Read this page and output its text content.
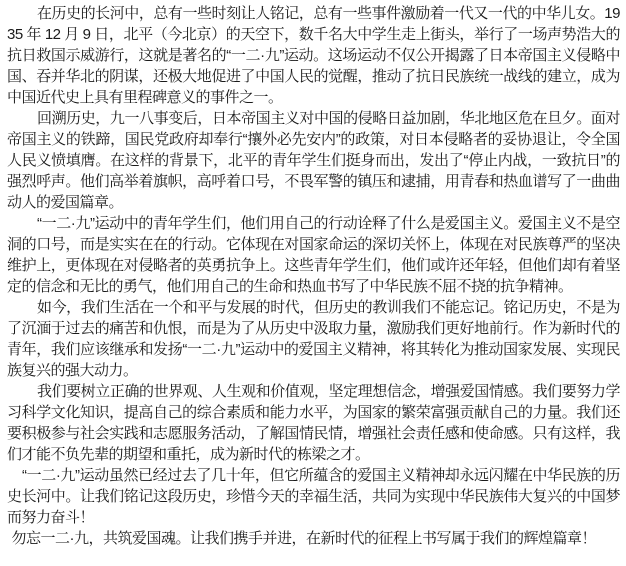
在历史的长河中，总有一些时刻让人铭记，总有一些事件激励着一代又一代的中华儿女。1935 年 12 月 9 日，北平（今北京）的天空下，数千名大中学生走上街头，举行了一场声势浩大的抗日救国示威游行，这就是著名的“一二·九”运动。这场运动不仅公开揭露了日本帝国主义侵略中国、吞并华北的阴谋，还极大地促进了中国人民的觉醒，推动了抗日民族统一战线的建立，成为中国近代史上具有里程碑意义的事件之一。

回溯历史，九一八事变后，日本帝国主义对中国的侵略日益加剧，华北地区危在旦夕。面对帝国主义的铁蹄，国民党政府却奉行“攘外必先安内”的政策，对日本侵略者的妥协退让，令全国人民义愤填膺。在这样的背景下，北平的青年学生们挺身而出，发出了“停止内战，一致抗日”的强烈呼声。他们高举着旗帜，高呼着口号，不畏军警的镇压和逮捕，用青春和热血谱写了一曲曲动人的爱国篇章。

“一二·九”运动中的青年学生们，他们用自己的行动诠释了什么是爱国主义。爱国主义不是空洞的口号，而是实实在在的行动。它体现在对国家命运的深切关怀上，体现在对民族尊严的坚决维护上，更体现在对侵略者的英勇抗争上。这些青年学生们，他们或许还年轻，但他们却有着坚定的信念和无比的勇气，他们用自己的生命和热血书写了中华民族不屈不挠的抗争精神。

如今，我们生活在一个和平与发展的时代，但历史的教训我们不能忘记。铭记历史，不是为了沉湎于过去的痛苦和仇恨，而是为了从历史中汲取力量，激励我们更好地前行。作为新时代的青年，我们应该继承和发扬“一二·九”运动中的爱国主义精神，将其转化为推动国家发展、实现民族复兴的强大动力。

我们要树立正确的世界观、人生观和价值观，坚定理想信念，增强爱国情感。我们要努力学习科学文化知识，提高自己的综合素质和能力水平，为国家的繁荣富强贡献自己的力量。我们还要积极参与社会实践和志愿服务活动，了解国情民情，增强社会责任感和使命感。只有这样，我们才能不负先辈的期望和重托，成为新时代的栋梁之才。

“一二·九”运动虽然已经过去了几十年，但它所蕴含的爱国主义精神却永远闪耀在中华民族的历史长河中。让我们铭记这段历史，珍惜今天的幸福生活，共同为实现中华民族伟大复兴的中国梦而努力奋斗！

勿忘一二·九，共筑爱国魂。让我们携手并进，在新时代的征程上书写属于我们的辉煌篇章！
